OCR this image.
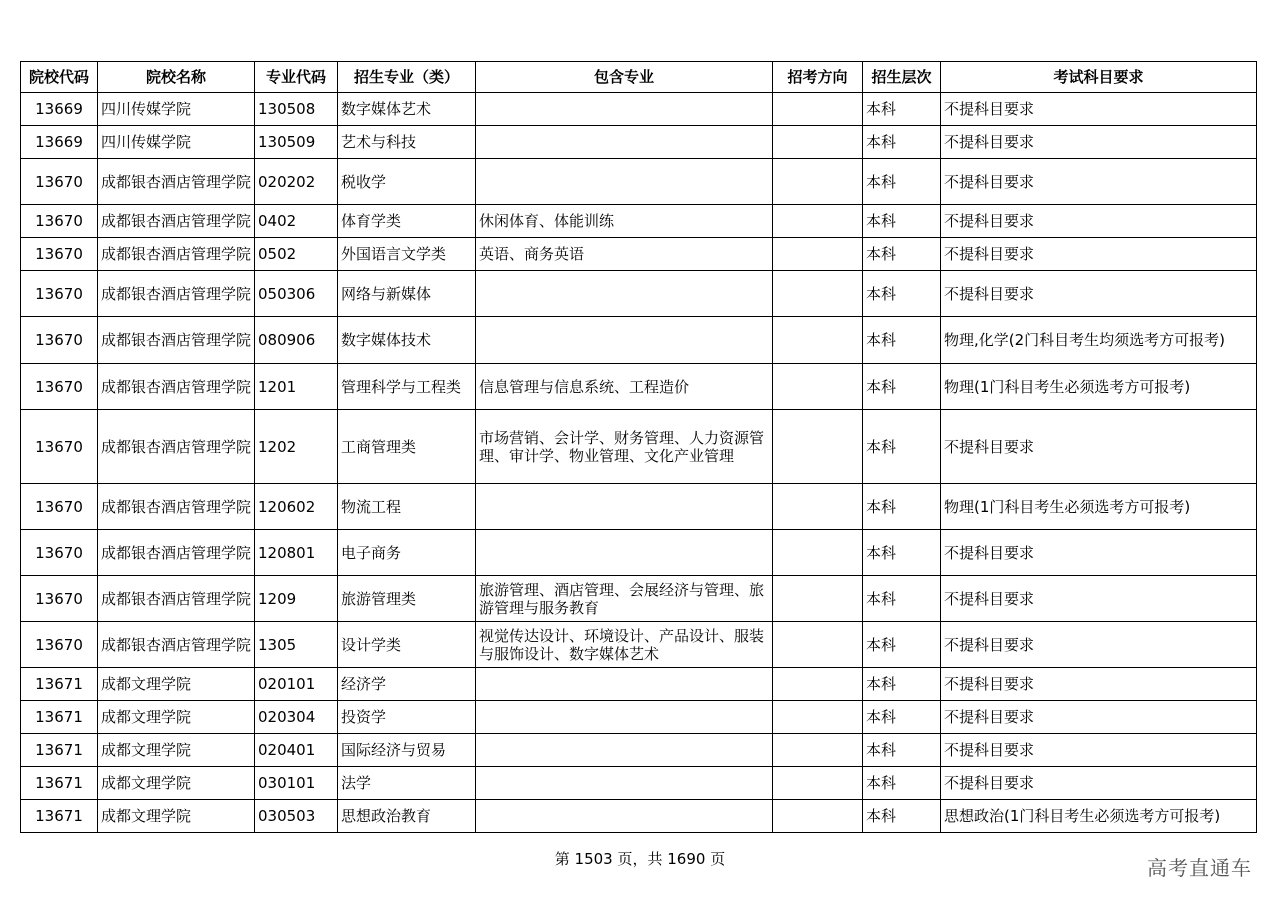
院校代码	院校名称	专业代码	招生专业（类）	包含专业	招考方向	招生层次	考试科目要求
13669	四川传媒学院	130508	数字媒体艺术			本科	不提科目要求
13669	四川传媒学院	130509	艺术与科技			本科	不提科目要求
13670	成都银杏酒店管理学院	020202	税收学			本科	不提科目要求
13670	成都银杏酒店管理学院	0402	体育学类	休闲体育、体能训练		本科	不提科目要求
13670	成都银杏酒店管理学院	0502	外国语言文学类	英语、商务英语		本科	不提科目要求
13670	成都银杏酒店管理学院	050306	网络与新媒体			本科	不提科目要求
13670	成都银杏酒店管理学院	080906	数字媒体技术			本科	物理,化学(2门科目考生均须选考方可报考)
13670	成都银杏酒店管理学院	1201	管理科学与工程类	信息管理与信息系统、工程造价		本科	物理(1门科目考生必须选考方可报考)
13670	成都银杏酒店管理学院	1202	工商管理类	市场营销、会计学、财务管理、人力资源管理、审计学、物业管理、文化产业管理		本科	不提科目要求
13670	成都银杏酒店管理学院	120602	物流工程			本科	物理(1门科目考生必须选考方可报考)
13670	成都银杏酒店管理学院	120801	电子商务			本科	不提科目要求
13670	成都银杏酒店管理学院	1209	旅游管理类	旅游管理、酒店管理、会展经济与管理、旅游管理与服务教育		本科	不提科目要求
13670	成都银杏酒店管理学院	1305	设计学类	视觉传达设计、环境设计、产品设计、服装与服饰设计、数字媒体艺术		本科	不提科目要求
13671	成都文理学院	020101	经济学			本科	不提科目要求
13671	成都文理学院	020304	投资学			本科	不提科目要求
13671	成都文理学院	020401	国际经济与贸易			本科	不提科目要求
13671	成都文理学院	030101	法学			本科	不提科目要求
13671	成都文理学院	030503	思想政治教育			本科	思想政治(1门科目考生必须选考方可报考)
第 1503 页，共 1690 页	高考直通车
